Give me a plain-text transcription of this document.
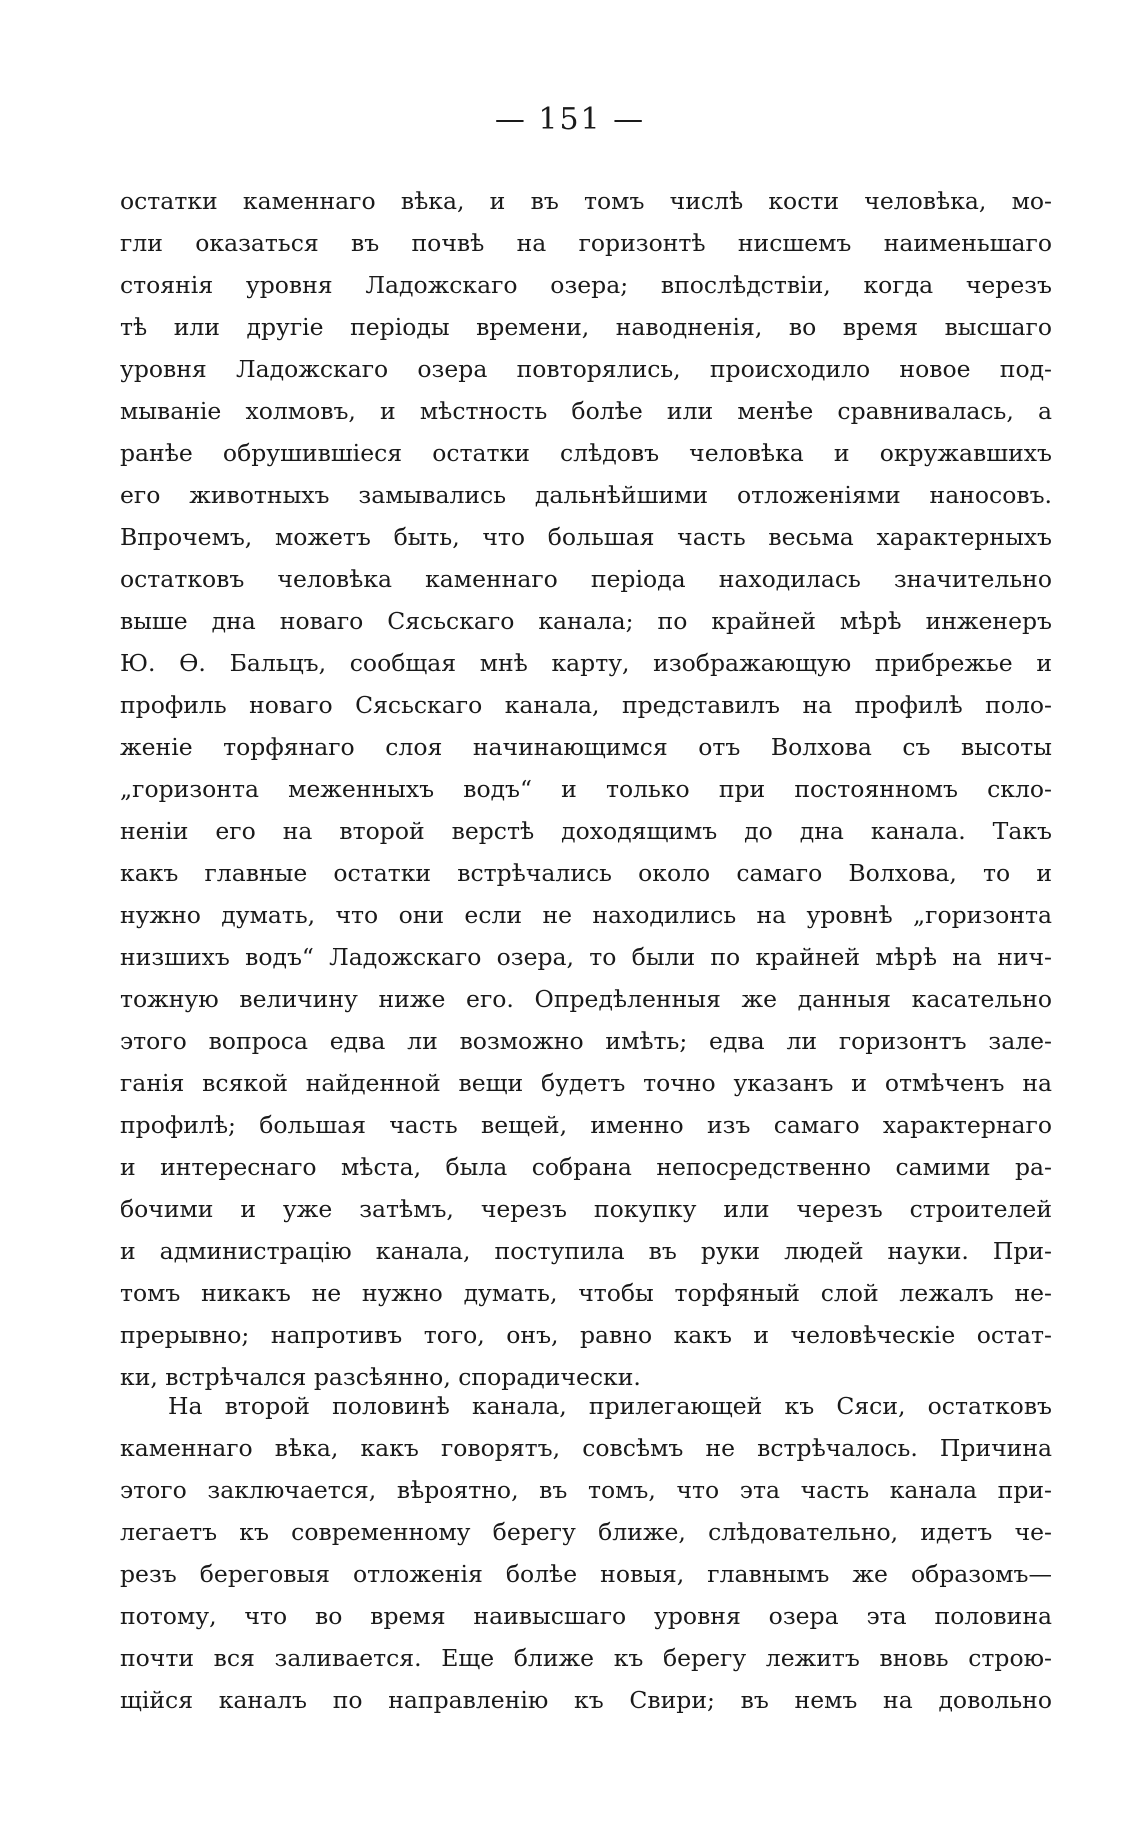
— 151 —
остатки каменнаго вѣка, и въ томъ числѣ кости человѣка, мо-
гли оказаться въ почвѣ на горизонтѣ нисшемъ наименьшаго
стоянія уровня Ладожскаго озера; впослѣдствіи, когда черезъ
тѣ или другіе періоды времени, наводненія, во время высшаго
уровня Ладожскаго озера повторялись, происходило новое под-
мываніе холмовъ, и мѣстность болѣе или менѣе сравнивалась, а
ранѣе обрушившіеся остатки слѣдовъ человѣка и окружавшихъ
его животныхъ замывались дальнѣйшими отложеніями наносовъ.
Впрочемъ, можетъ быть, что большая часть весьма характерныхъ
остатковъ человѣка каменнаго періода находилась значительно
выше дна новаго Сясьскаго канала; по крайней мѣрѣ инженеръ
Ю. Ѳ. Бальцъ, сообщая мнѣ карту, изображающую прибрежье и
профиль новаго Сясьскаго канала, представилъ на профилѣ поло-
женіе торфянаго слоя начинающимся отъ Волхова съ высоты
„горизонта меженныхъ водъ“ и только при постоянномъ скло-
неніи его на второй верстѣ доходящимъ до дна канала. Такъ
какъ главные остатки встрѣчались около самаго Волхова, то и
нужно думать, что они если не находились на уровнѣ „горизонта
низшихъ водъ“ Ладожскаго озера, то были по крайней мѣрѣ на нич-
тожную величину ниже его. Опредѣленныя же данныя касательно
этого вопроса едва ли возможно имѣть; едва ли горизонтъ зале-
ганія всякой найденной вещи будетъ точно указанъ и отмѣченъ на
профилѣ; большая часть вещей, именно изъ самаго характернаго
и интереснаго мѣста, была собрана непосредственно самими ра-
бочими и уже затѣмъ, черезъ покупку или черезъ строителей
и администрацію канала, поступила въ руки людей науки. При-
томъ никакъ не нужно думать, чтобы торфяный слой лежалъ не-
прерывно; напротивъ того, онъ, равно какъ и человѣческіе остат-
ки, встрѣчался разсѣянно, спорадически.
На второй половинѣ канала, прилегающей къ Сяси, остатковъ
каменнаго вѣка, какъ говорятъ, совсѣмъ не встрѣчалось. Причина
этого заключается, вѣроятно, въ томъ, что эта часть канала при-
легаетъ къ современному берегу ближе, слѣдовательно, идетъ че-
резъ береговыя отложенія болѣе новыя, главнымъ же образомъ—
потому, что во время наивысшаго уровня озера эта половина
почти вся заливается. Еще ближе къ берегу лежитъ вновь строю-
щійся каналъ по направленію къ Свири; въ немъ на довольно
